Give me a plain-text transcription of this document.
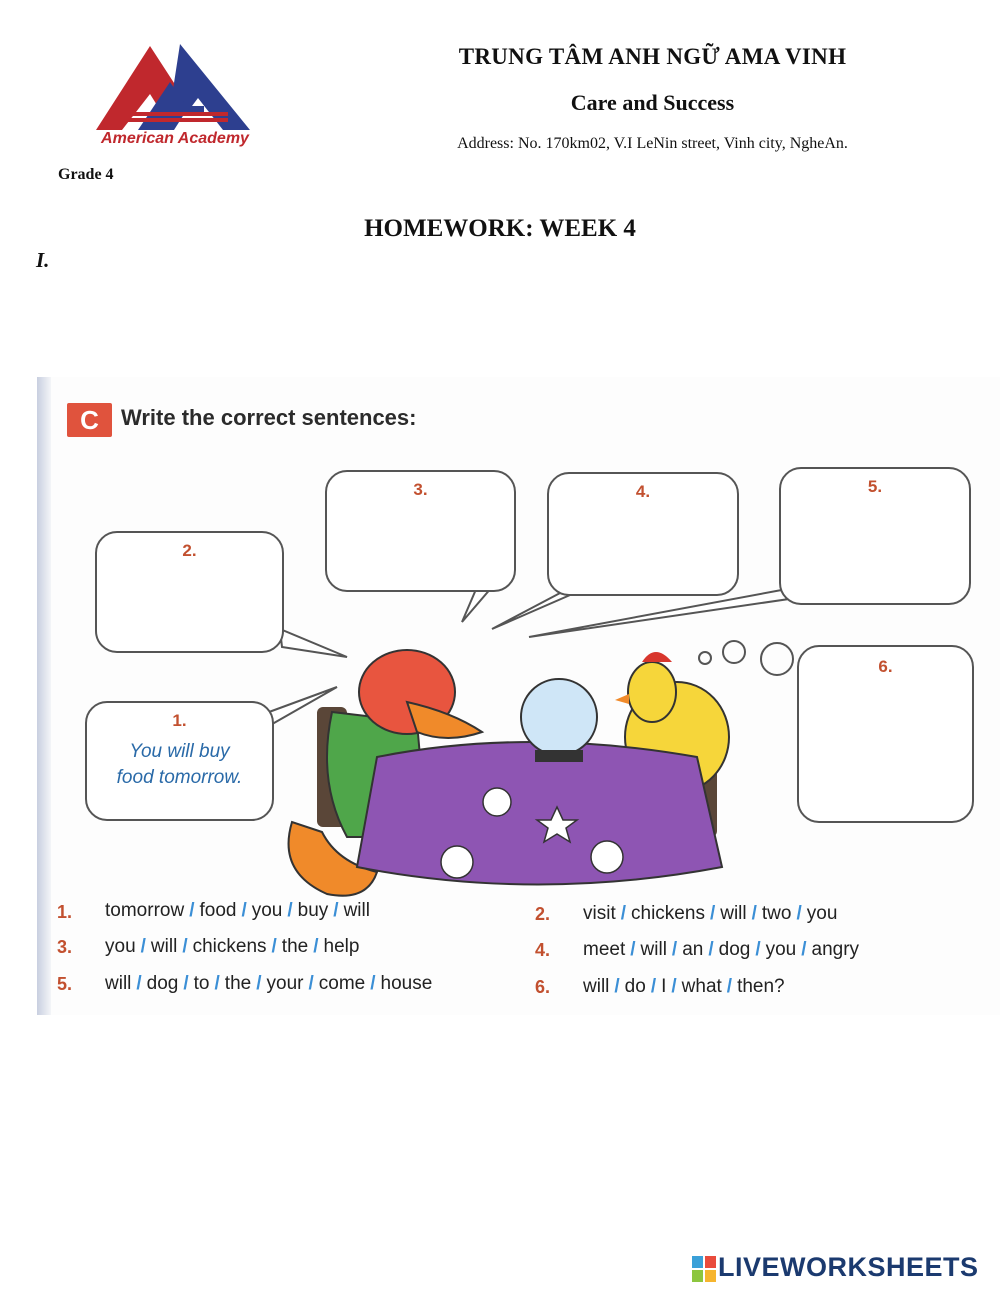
American Academy
TRUNG TÂM ANH NGỮ AMA VINH
Care and Success
Address: No. 170km02, V.I LeNin street, Vinh city, NgheAn.
Grade 4
HOMEWORK: WEEK 4
I.
C	Write the correct sentences:
1.
You will buy
food tomorrow.
2.
3.	4.	5.
6.
1. tomorrow / food / you / buy / will	2. visit / chickens / will / two / you
3. you / will / chickens / the / help	4. meet / will / an / dog / you / angry
5. will / dog / to / the / your / come / house	6. will / do / I / what / then?
LIVEWORKSHEETS
